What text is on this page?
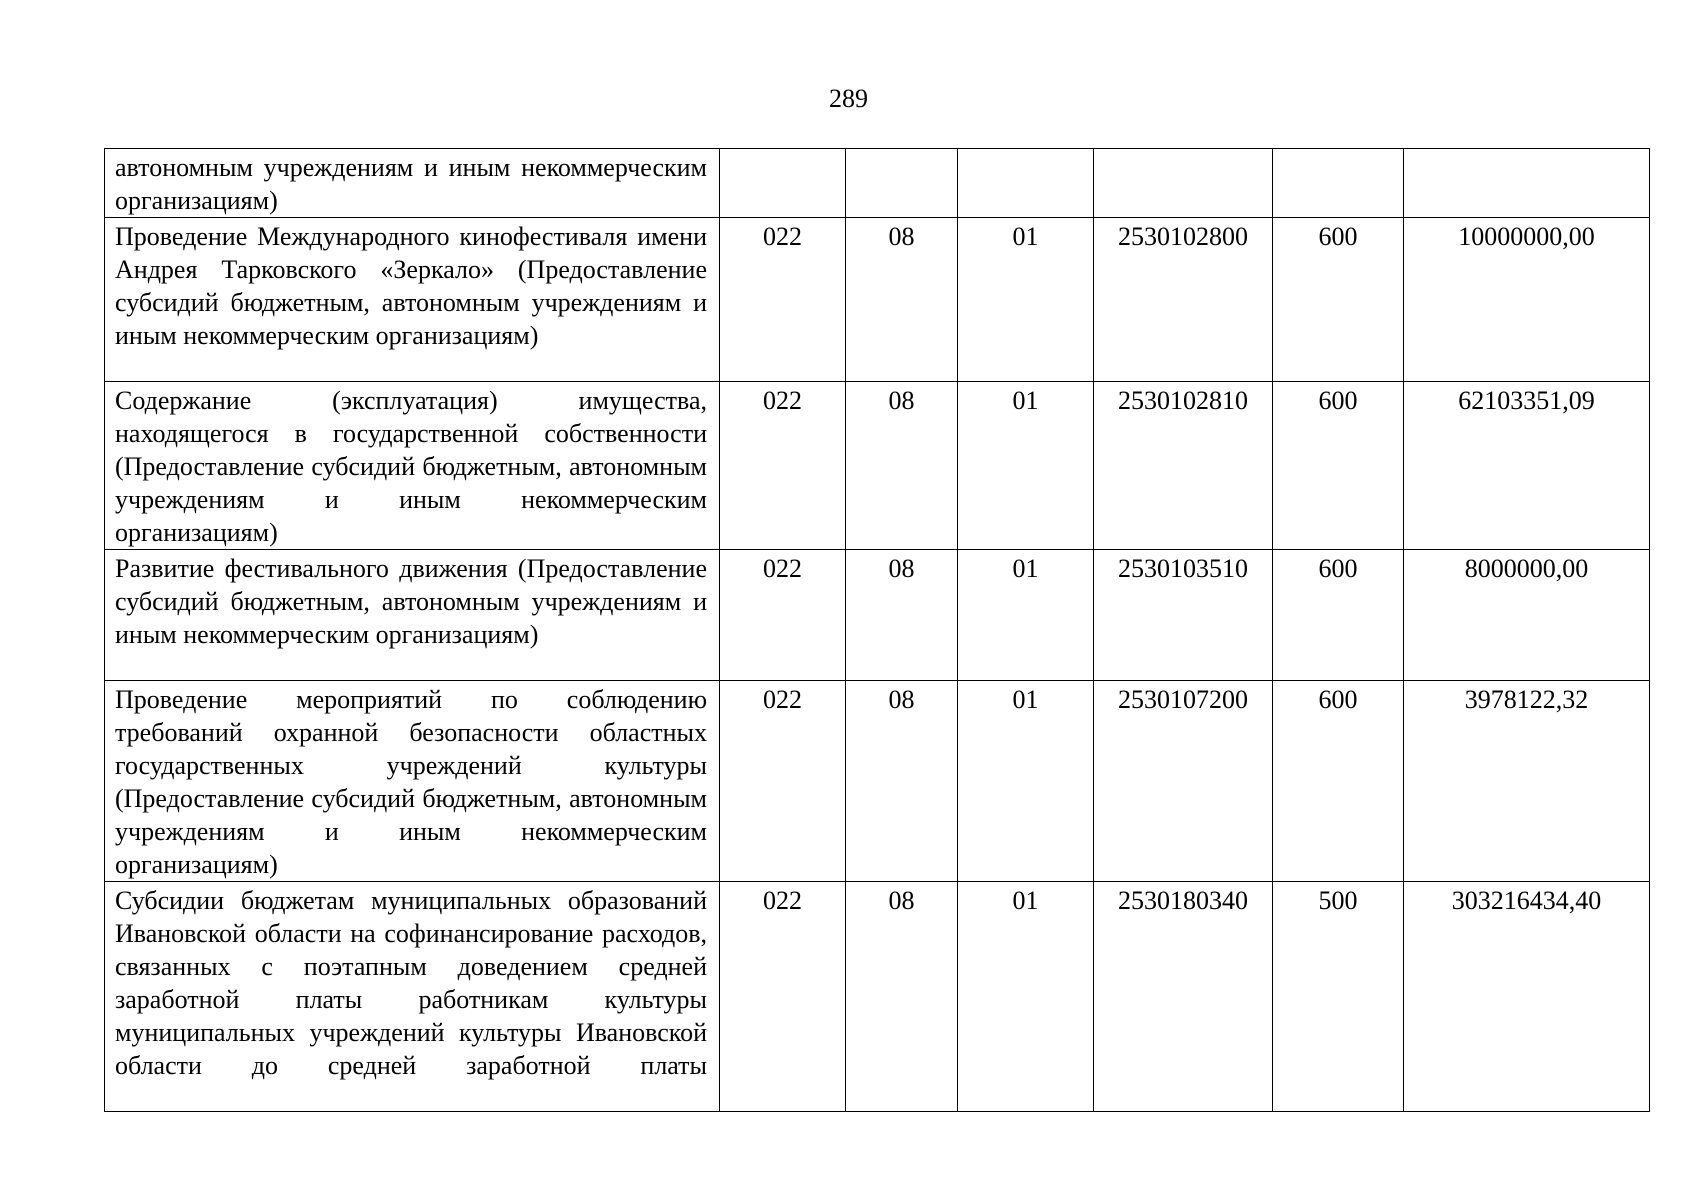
289
автономным учреждениям и иным некоммерческим организациям)						
Проведение Международного кинофестиваля имени Андрея Тарковского «Зеркало» (Предоставление субсидий бюджетным, автономным учреждениям и иным некоммерческим организациям)	022	08	01	2530102800	600	10000000,00
Содержание (эксплуатация) имущества, находящегося в государственной собственности (Предоставление субсидий бюджетным, автономным учреждениям и иным некоммерческим организациям)	022	08	01	2530102810	600	62103351,09
Развитие фестивального движения (Предоставление субсидий бюджетным, автономным учреждениям и иным некоммерческим организациям)	022	08	01	2530103510	600	8000000,00
Проведение мероприятий по соблюдению требований охранной безопасности областных государственных учреждений культуры (Предоставление субсидий бюджетным, автономным учреждениям и иным некоммерческим организациям)	022	08	01	2530107200	600	3978122,32
Субсидии бюджетам муниципальных образований Ивановской области на софинансирование расходов, связанных с поэтапным доведением средней заработной платы работникам культуры муниципальных учреждений культуры Ивановской области до средней заработной платы	022	08	01	2530180340	500	303216434,40
